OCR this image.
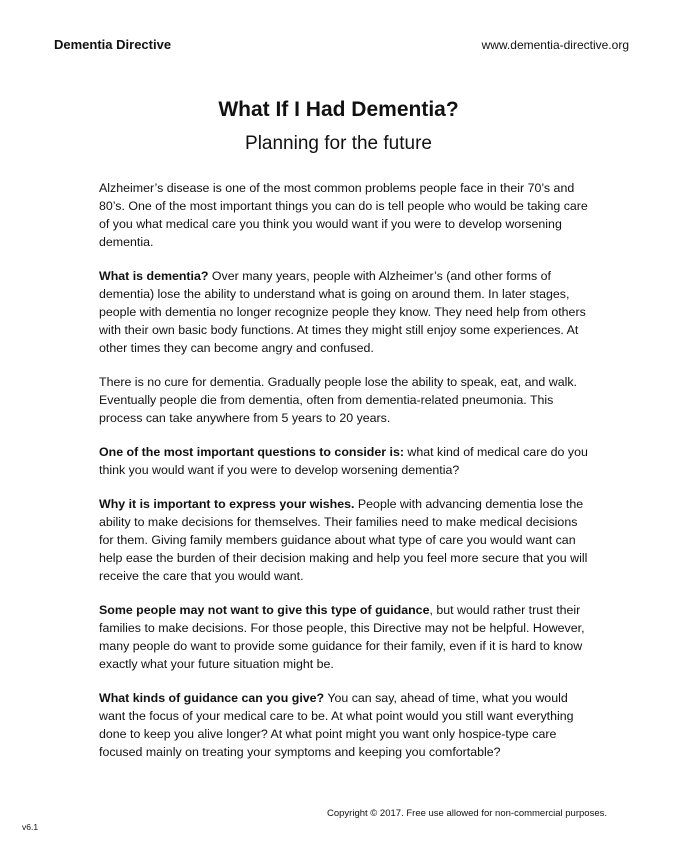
Dementia Directive	www.dementia-directive.org
What If I Had Dementia?
Planning for the future

Alzheimer’s disease is one of the most common problems people face in their 70’s and 80’s. One of the most important things you can do is tell people who would be taking care of you what medical care you think you would want if you were to develop worsening dementia.

What is dementia? Over many years, people with Alzheimer’s (and other forms of dementia) lose the ability to understand what is going on around them. In later stages, people with dementia no longer recognize people they know. They need help from others with their own basic body functions. At times they might still enjoy some experiences. At other times they can become angry and confused.

There is no cure for dementia. Gradually people lose the ability to speak, eat, and walk. Eventually people die from dementia, often from dementia-related pneumonia. This process can take anywhere from 5 years to 20 years.

One of the most important questions to consider is: what kind of medical care do you think you would want if you were to develop worsening dementia?

Why it is important to express your wishes. People with advancing dementia lose the ability to make decisions for themselves. Their families need to make medical decisions for them. Giving family members guidance about what type of care you would want can help ease the burden of their decision making and help you feel more secure that you will receive the care that you would want.

Some people may not want to give this type of guidance, but would rather trust their families to make decisions. For those people, this Directive may not be helpful. However, many people do want to provide some guidance for their family, even if it is hard to know exactly what your future situation might be.

What kinds of guidance can you give? You can say, ahead of time, what you would want the focus of your medical care to be. At what point would you still want everything done to keep you alive longer? At what point might you want only hospice-type care focused mainly on treating your symptoms and keeping you comfortable?

Copyright © 2017. Free use allowed for non-commercial purposes.
v6.1
